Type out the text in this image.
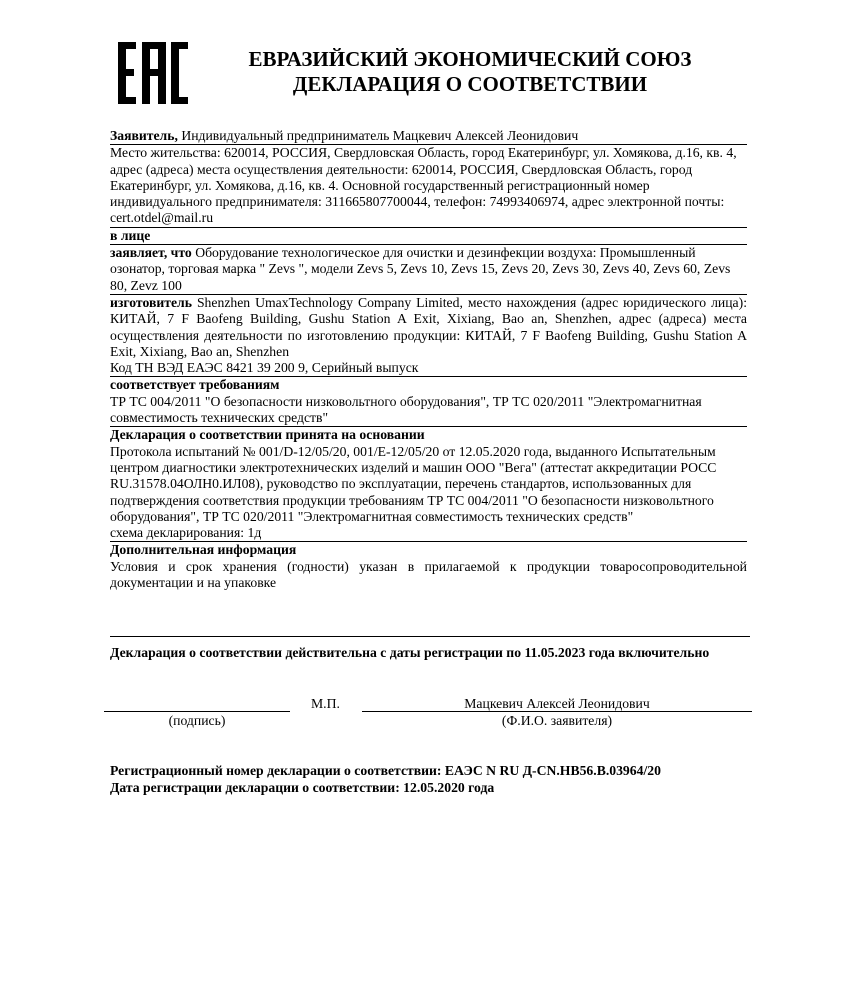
ЕВРАЗИЙСКИЙ ЭКОНОМИЧЕСКИЙ СОЮЗ
ДЕКЛАРАЦИЯ О СООТВЕТСТВИИ
Заявитель, Индивидуальный предприниматель Мацкевич Алексей Леонидович
Место жительства: 620014, РОССИЯ, Свердловская Область, город Екатеринбург, ул. Хомякова, д.16, кв. 4, адрес (адреса) места осуществления деятельности: 620014, РОССИЯ, Свердловская Область, город Екатеринбург, ул. Хомякова, д.16, кв. 4. Основной государственный регистрационный номер индивидуального предпринимателя: 311665807700044, телефон: 74993406974, адрес электронной почты: cert.otdel@mail.ru
в лице
заявляет, что Оборудование технологическое для очистки и дезинфекции воздуха: Промышленный озонатор, торговая марка " Zevs ", модели Zevs 5, Zevs 10, Zevs 15, Zevs 20, Zevs 30, Zevs 40, Zevs 60, Zevs 80, Zevz 100
изготовитель Shenzhen UmaxTechnology Company Limited, место нахождения (адрес юридического лица): КИТАЙ, 7 F Baofeng Building, Gushu Station A Exit, Xixiang, Bao an, Shenzhen, адрес (адреса) места осуществления деятельности по изготовлению продукции: КИТАЙ, 7 F Baofeng Building, Gushu Station A Exit, Xixiang, Bao an, Shenzhen
Код ТН ВЭД ЕАЭС 8421 39 200 9, Серийный выпуск
соответствует требованиям
ТР ТС 004/2011 "О безопасности низковольтного оборудования", ТР ТС 020/2011 "Электромагнитная совместимость технических средств"
Декларация о соответствии принята на основании
Протокола испытаний № 001/D-12/05/20, 001/E-12/05/20 от 12.05.2020 года, выданного Испытательным центром диагностики электротехнических изделий и машин ООО "Вега" (аттестат аккредитации РОСС RU.31578.04ОЛН0.ИЛ08), руководство по эксплуатации, перечень стандартов, использованных для подтверждения соответствия продукции требованиям ТР ТС 004/2011 "О безопасности низковольтного оборудования", ТР ТС 020/2011 "Электромагнитная совместимость технических средств"
схема декларирования: 1д
Дополнительная информация
Условия и срок хранения (годности) указан в прилагаемой к продукции товаросопроводительной документации и на упаковке
Декларация о соответствии действительна с даты регистрации по 11.05.2023 года включительно
М.П.	Мацкевич Алексей Леонидович
(подпись)	(Ф.И.О. заявителя)
Регистрационный номер декларации о соответствии: ЕАЭС N RU Д-CN.НВ56.В.03964/20
Дата регистрации декларации о соответствии: 12.05.2020 года
